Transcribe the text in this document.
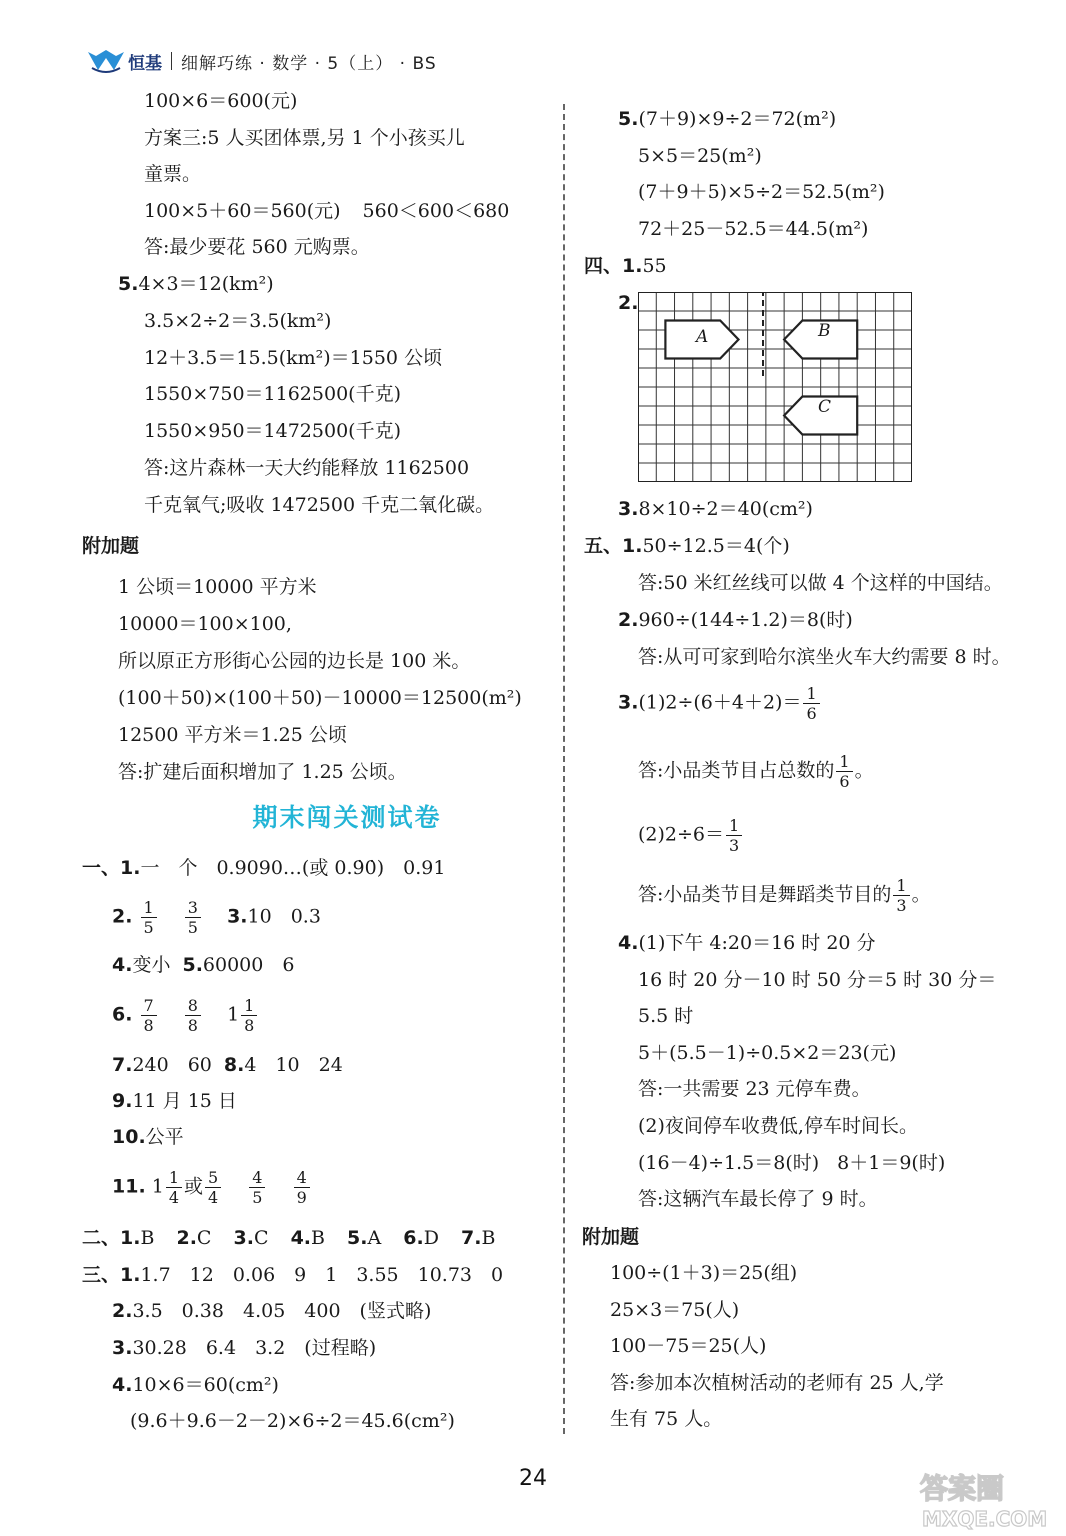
恒基 细解巧练 · 数学 · 5（上） · BS
100×6＝600(元)
方案三:5 人买团体票,另 1 个小孩买儿
童票。
100×5＋60＝560(元) 560＜600＜680
答:最少要花 560 元购票。
5.4×3＝12(km²)
3.5×2÷2＝3.5(km²)
12＋3.5＝15.5(km²)＝1550 公顷
1550×750＝1162500(千克)
1550×950＝1472500(千克)
答:这片森林一天大约能释放 1162500
千克氧气;吸收 1472500 千克二氧化碳。
附加题
1 公顷＝10000 平方米
10000＝100×100,
所以原正方形街心公园的边长是 100 米。
(100＋50)×(100＋50)－10000＝12500(m²)
12500 平方米＝1.25 公顷
答:扩建后面积增加了 1.25 公顷。
期末闯关测试卷
一、1.一　个　0.9090…(或 0.9̇0̇)　0.91
2. $\frac{1}{5}$
$\frac{3}{5} 3.10$　0.3
4.变小 5.60000　6
6. $\frac{7}{8}$
$\frac{8}{8} 1 \frac{1}{8}$
7.240　60 8.4　10　24
9.11 月 15 日
10.公平
11. $1 \frac{1}{4}$ 或 $\frac{5}{4}$
$\frac{4}{5}$
$\frac{4}{9}$
二、1.B 2.C 3.C 4.B 5.A 6.D 7.B
三、1.1.7　12　0.06　9　1　3.55　10.73　0
2.3.5　0.38　4.05　400　(竖式略)
3.30.28　6.4　3.2　(过程略)
4.10×6＝60(cm²)
(9.6＋9.6－2－2)×6÷2＝45.6(cm²)
5.(7＋9)×9÷2＝72(m²)
5×5＝25(m²)
(7＋9＋5)×5÷2＝52.5(m²)
72＋25－52.5＝44.5(m²)
四、1.55
2.
3.8×10÷2＝40(cm²)
五、1.50÷12.5＝4(个)
答:50 米红丝线可以做 4 个这样的中国结。
2.960÷(144÷1.2)＝8(时)
答:从可可家到哈尔滨坐火车大约需要 8 时。
$3.(1)2\div(6+4+2)= \frac{1}{6}$
答:小品类节目占总数的 $\frac{1}{6}$ 。
$(2)2\div 6= \frac{1}{3}$
答:小品类节目是舞蹈类节目的 $\frac{1}{3}$ 。
4.(1)下午 4:20＝16 时 20 分
16 时 20 分－10 时 50 分＝5 时 30 分＝
5.5 时
5＋(5.5－1)÷0.5×2＝23(元)
答:一共需要 23 元停车费。
(2)夜间停车收费低,停车时间长。
(16－4)÷1.5＝8(时) 8＋1＝9(时)
答:这辆汽车最长停了 9 时。
附加题
100÷(1＋3)＝25(组)
25×3＝75(人)
100－75＝25(人)
答:参加本次植树活动的老师有 25 人,学
生有 75 人。
A	B
C
24	答案圈
MXQE.COM
